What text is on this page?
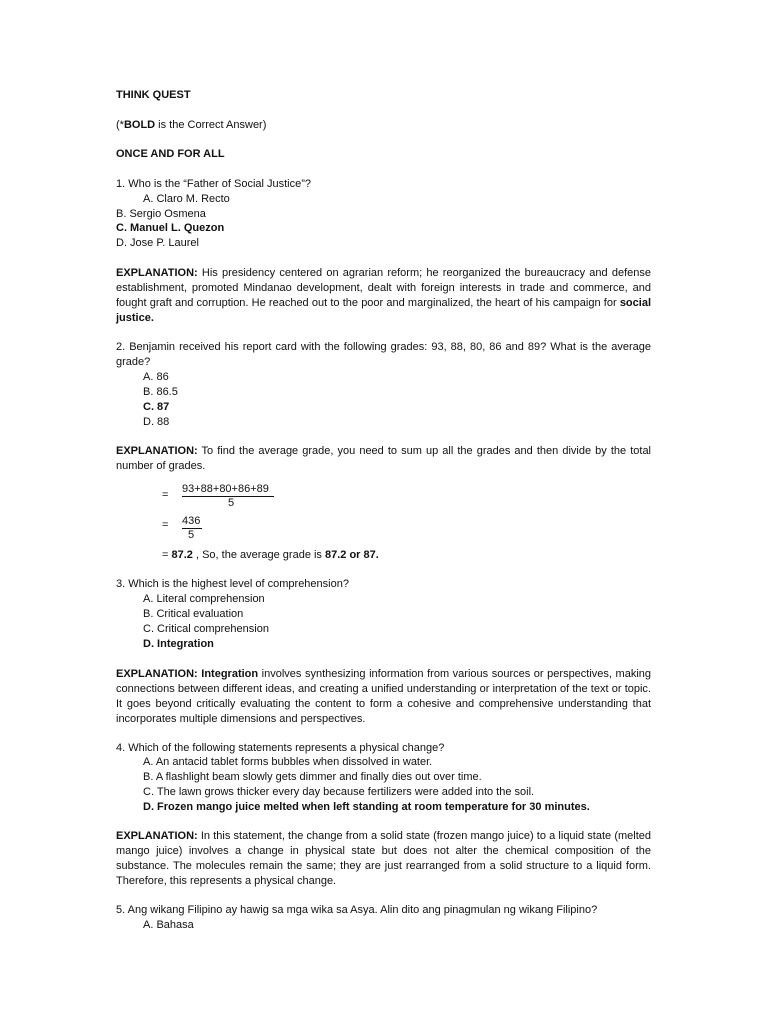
THINK QUEST
(*BOLD is the Correct Answer)
ONCE AND FOR ALL
1. Who is the “Father of Social Justice”?
A. Claro M. Recto
B. Sergio Osmena
C. Manuel L. Quezon
D. Jose P. Laurel
EXPLANATION: His presidency centered on agrarian reform; he reorganized the bureaucracy and defense establishment, promoted Mindanao development, dealt with foreign interests in trade and commerce, and fought graft and corruption. He reached out to the poor and marginalized, the heart of his campaign for social justice.
2. Benjamin received his report card with the following grades: 93, 88, 80, 86 and 89? What is the average grade?
A. 86
B. 86.5
C. 87
D. 88
EXPLANATION: To find the average grade, you need to sum up all the grades and then divide by the total number of grades.
= 93+88+80+86+89
5
= 436
5
= 87.2 , So, the average grade is 87.2 or 87.
3. Which is the highest level of comprehension?
A. Literal comprehension
B. Critical evaluation
C. Critical comprehension
D. Integration
EXPLANATION: Integration involves synthesizing information from various sources or perspectives, making connections between different ideas, and creating a unified understanding or interpretation of the text or topic. It goes beyond critically evaluating the content to form a cohesive and comprehensive understanding that incorporates multiple dimensions and perspectives.
4. Which of the following statements represents a physical change?
A. An antacid tablet forms bubbles when dissolved in water.
B. A flashlight beam slowly gets dimmer and finally dies out over time.
C. The lawn grows thicker every day because fertilizers were added into the soil.
D. Frozen mango juice melted when left standing at room temperature for 30 minutes.
EXPLANATION: In this statement, the change from a solid state (frozen mango juice) to a liquid state (melted mango juice) involves a change in physical state but does not alter the chemical composition of the substance. The molecules remain the same; they are just rearranged from a solid structure to a liquid form. Therefore, this represents a physical change.
5. Ang wikang Filipino ay hawig sa mga wika sa Asya. Alin dito ang pinagmulan ng wikang Filipino?
A. Bahasa
